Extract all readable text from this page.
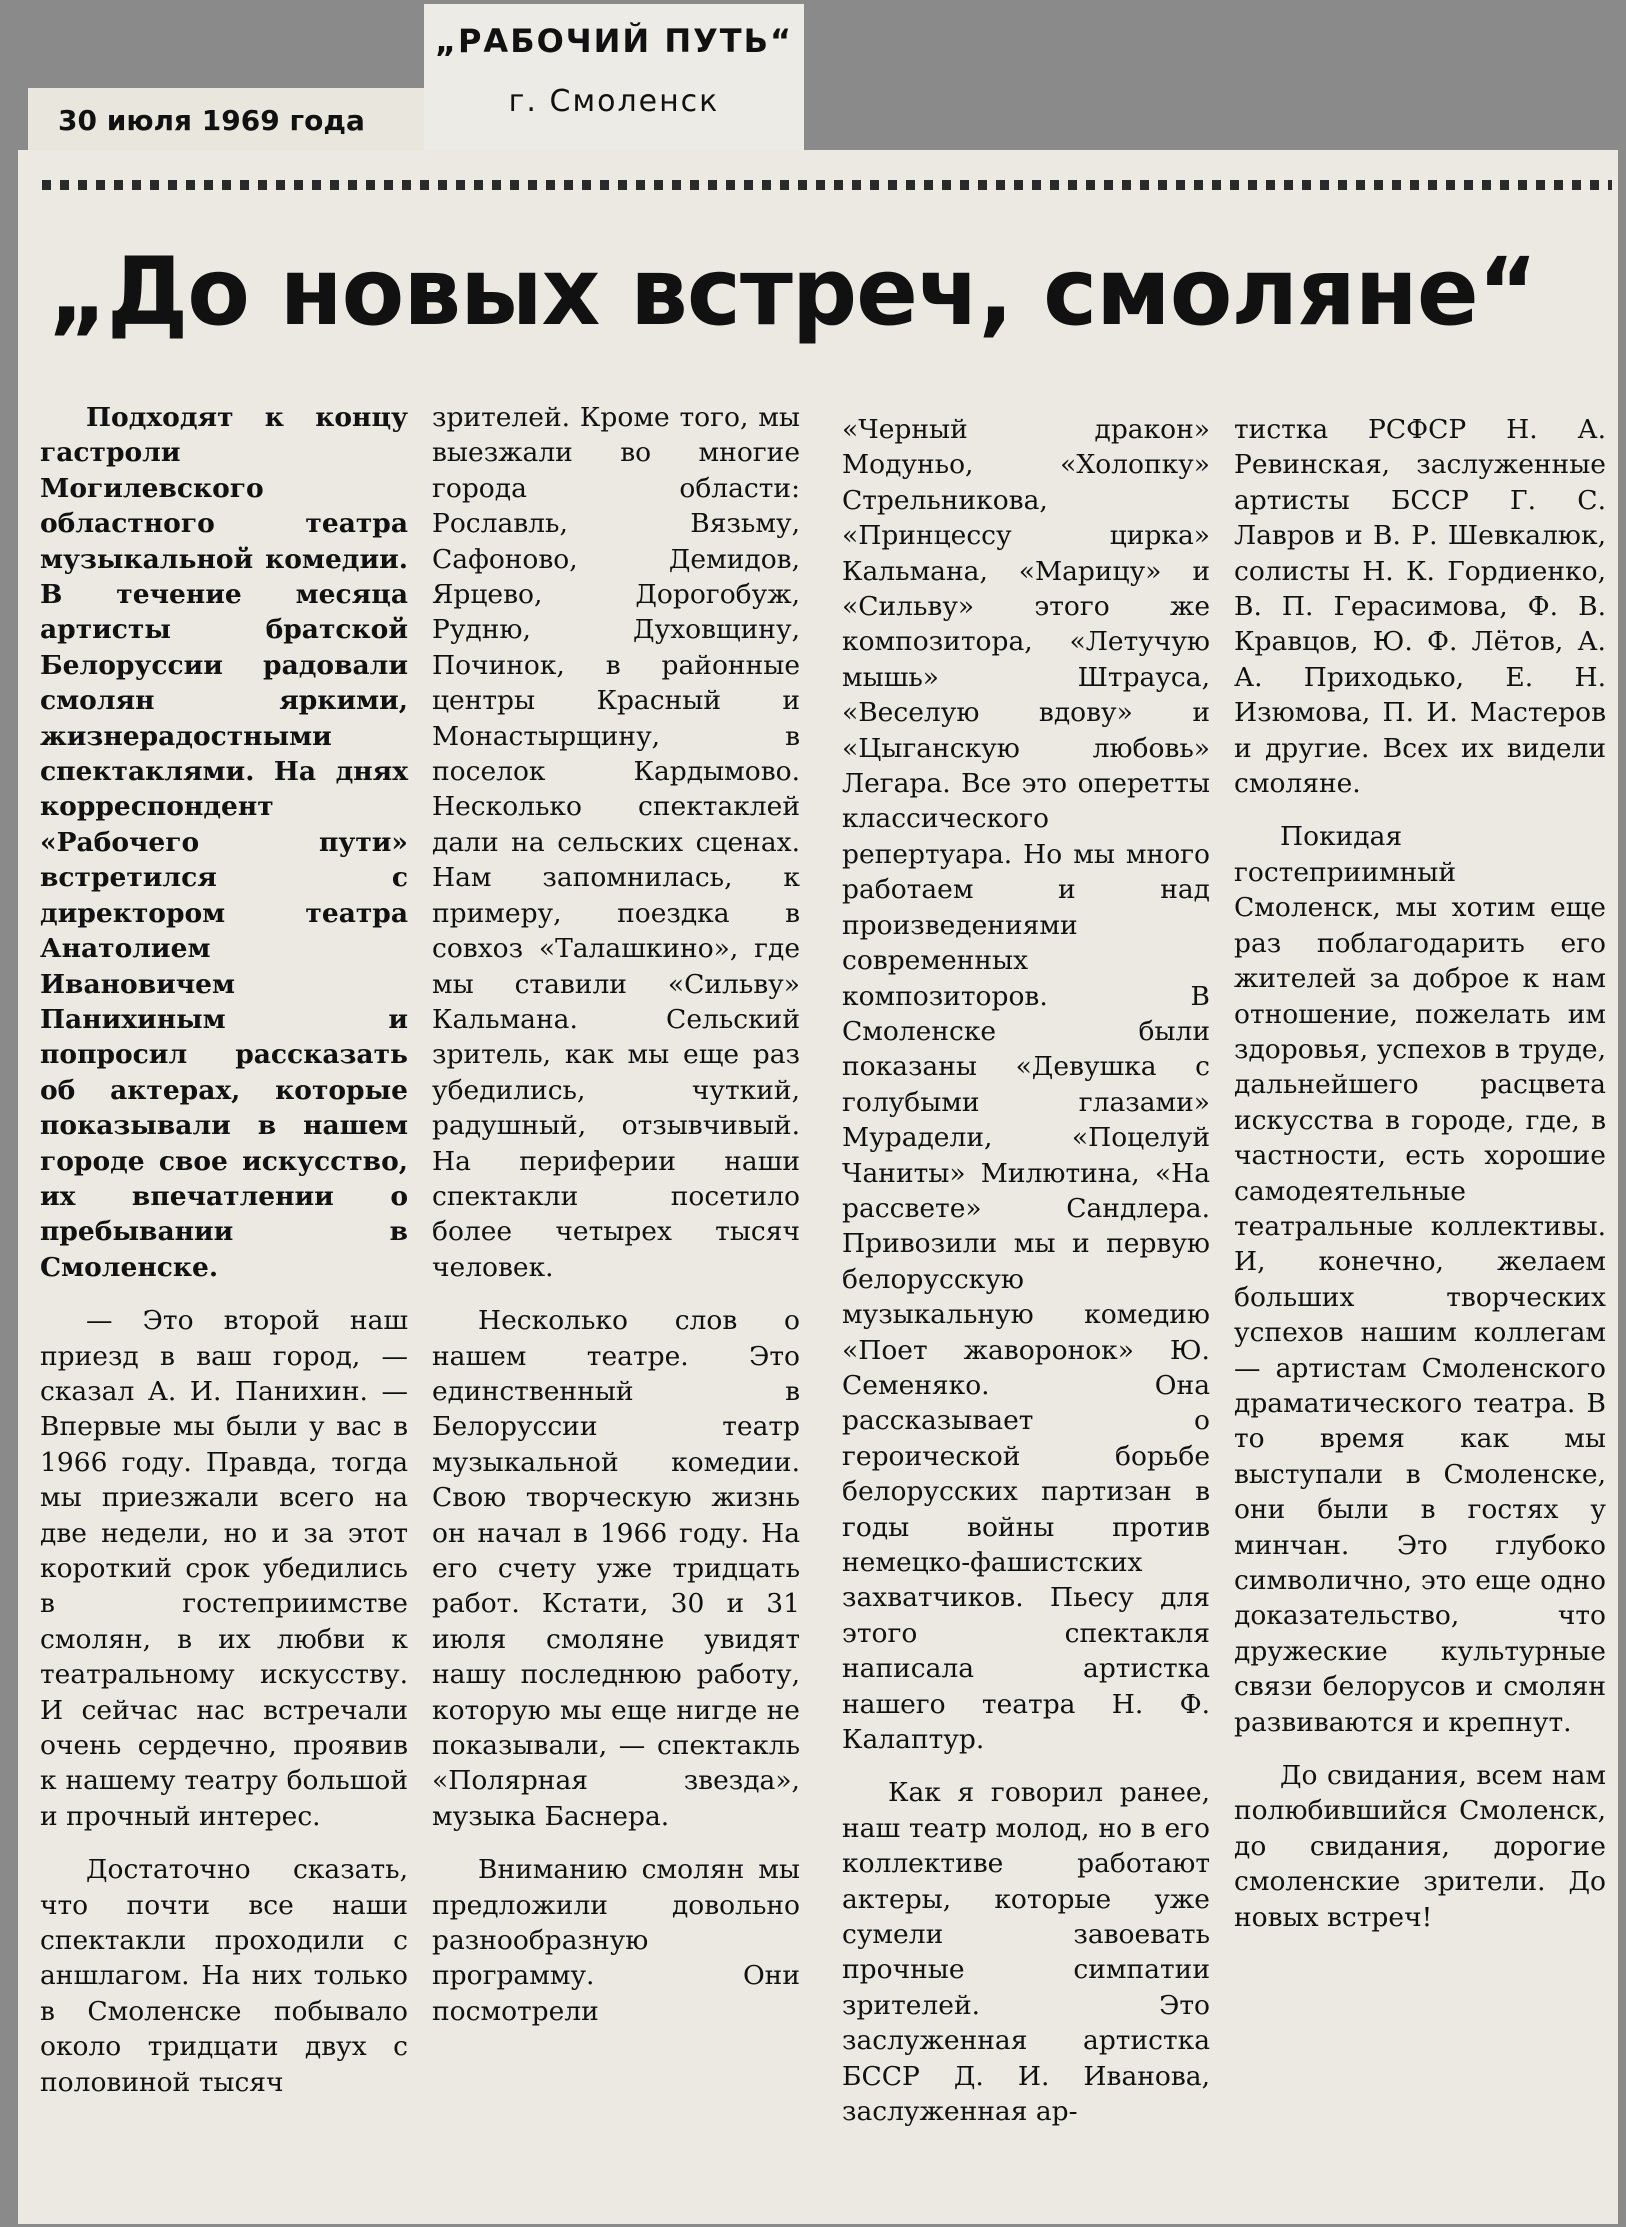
30 июля 1969 года
„РАБОЧИЙ ПУТЬ“
г. Смоленск
„До новых встреч, смоляне“

Подходят к концу гастроли Могилевского областного театра музыкальной комедии. В течение месяца артисты братской Белоруссии радовали смолян яркими, жизнерадостными спектаклями. На днях корреспондент «Рабочего пути» встретился с директором театра Анатолием Ивановичем Панихиным и попросил рассказать об актерах, которые показывали в нашем городе свое искусство, их впечатлении о пребывании в Смоленске.

— Это второй наш приезд в ваш город, — сказал А. И. Панихин. — Впервые мы были у вас в 1966 году. Правда, тогда мы приезжали всего на две недели, но и за этот короткий срок убедились в гостеприимстве смолян, в их любви к театральному искусству. И сейчас нас встречали очень сердечно, проявив к нашему театру большой и прочный интерес.

Достаточно сказать, что почти все наши спектакли проходили с аншлагом. На них только в Смоленске побывало около тридцати двух с половиной тысяч

зрителей. Кроме того, мы выезжали во многие города области: Рославль, Вязьму, Сафоново, Демидов, Ярцево, Дорогобуж, Рудню, Духовщину, Починок, в районные центры Красный и Монастырщину, в поселок Кардымово. Несколько спектаклей дали на сельских сценах. Нам запомнилась, к примеру, поездка в совхоз «Талашкино», где мы ставили «Сильву» Кальмана. Сельский зритель, как мы еще раз убедились, чуткий, радушный, отзывчивый. На периферии наши спектакли посетило более четырех тысяч человек.

Несколько слов о нашем театре. Это единственный в Белоруссии театр музыкальной комедии. Свою творческую жизнь он начал в 1966 году. На его счету уже тридцать работ. Кстати, 30 и 31 июля смоляне увидят нашу последнюю работу, которую мы еще нигде не показывали, — спектакль «Полярная звезда», музыка Баснера.

Вниманию смолян мы предложили довольно разнообразную программу. Они посмотрели

«Черный дракон» Модуньо, «Холопку» Стрельникова, «Принцессу цирка» Кальмана, «Марицу» и «Сильву» этого же композитора, «Летучую мышь» Штрауса, «Веселую вдову» и «Цыганскую любовь» Легара. Все это оперетты классического репертуара. Но мы много работаем и над произведениями современных композиторов. В Смоленске были показаны «Девушка с голубыми глазами» Мурадели, «Поцелуй Чаниты» Милютина, «На рассвете» Сандлера. Привозили мы и первую белорусскую музыкальную комедию «Поет жаворонок» Ю. Семеняко. Она рассказывает о героической борьбе белорусских партизан в годы войны против немецко-фашистских захватчиков. Пьесу для этого спектакля написала артистка нашего театра Н. Ф. Калаптур.

Как я говорил ранее, наш театр молод, но в его коллективе работают актеры, которые уже сумели завоевать прочные симпатии зрителей. Это заслуженная артистка БССР Д. И. Иванова, заслуженная ар-

тистка РСФСР Н. А. Ревинская, заслуженные артисты БССР Г. С. Лавров и В. Р. Шевкалюк, солисты Н. К. Гордиенко, В. П. Герасимова, Ф. В. Кравцов, Ю. Ф. Лётов, А. А. Приходько, Е. Н. Изюмова, П. И. Мастеров и другие. Всех их видели смоляне.

Покидая гостеприимный Смоленск, мы хотим еще раз поблагодарить его жителей за доброе к нам отношение, пожелать им здоровья, успехов в труде, дальнейшего расцвета искусства в городе, где, в частности, есть хорошие самодеятельные театральные коллективы. И, конечно, желаем больших творческих успехов нашим коллегам — артистам Смоленского драматического театра. В то время как мы выступали в Смоленске, они были в гостях у минчан. Это глубоко символично, это еще одно доказательство, что дружеские культурные связи белорусов и смолян развиваются и крепнут.

До свидания, всем нам полюбившийся Смоленск, до свидания, дорогие смоленские зрители. До новых встреч!
